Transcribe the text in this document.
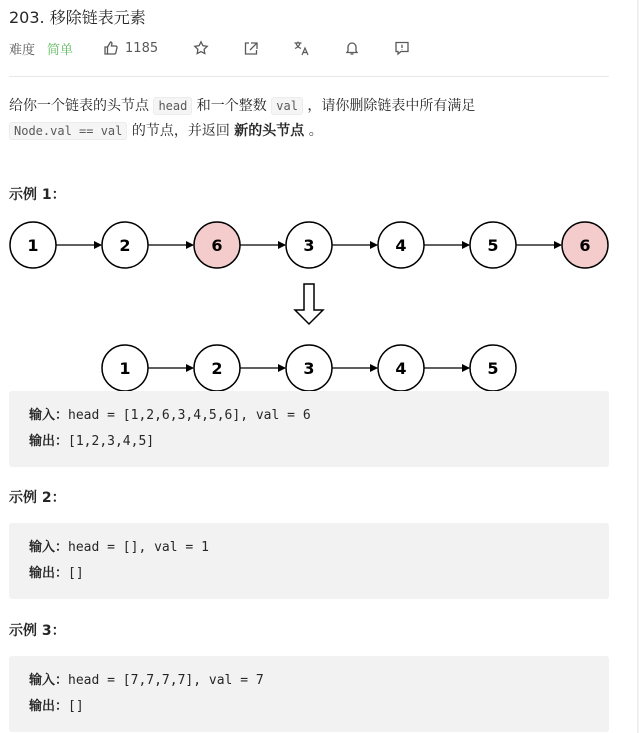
203. 移除链表元素
难度 简单	1185
给你一个链表的头节点 head 和一个整数 val ，请你删除链表中所有满足
Node.val == val 的节点，并返回 新的头节点 。
示例 1：
1	2	6	3	4	5	6
1	2	3	4	5
输入：head = [1,2,6,3,4,5,6], val = 6
输出：[1,2,3,4,5]
示例 2：
输入：head = [], val = 1
输出：[]
示例 3：
输入：head = [7,7,7,7], val = 7
输出：[]
